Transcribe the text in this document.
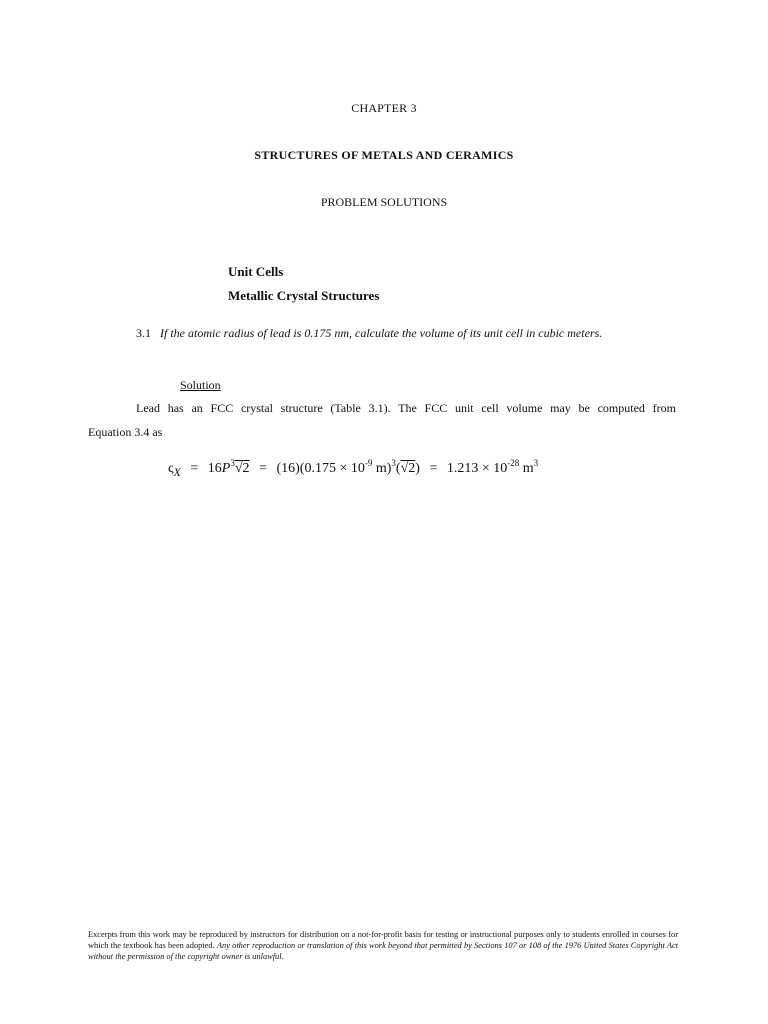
CHAPTER 3
STRUCTURES OF METALS AND CERAMICS
PROBLEM SOLUTIONS
Unit Cells
Metallic Crystal Structures
3.1 If the atomic radius of lead is 0.175 nm, calculate the volume of its unit cell in cubic meters.
Solution
Lead has an FCC crystal structure (Table 3.1). The FCC unit cell volume may be computed from
Equation 3.4 as
$\varsigma X = 16P^3√2 = (16)(0.175 \times 10^{-9}$ $m)^3(√2) = 1.213 \times 10^{-28}$ $m^3$
Excerpts from this work may be reproduced by instructors for distribution on a not-for-profit basis for testing or instructional purposes only to students enrolled in courses for which the textbook has been adopted. Any other reproduction or translation of this work beyond that permitted by Sections 107 or 108 of the 1976 United States Copyright Act without the permission of the copyright owner is unlawful.
